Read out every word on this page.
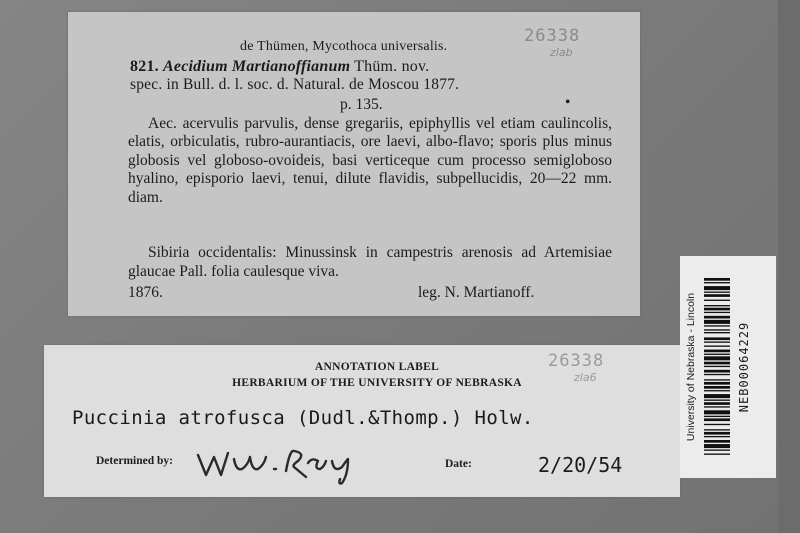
26338
zlab
de Thümen, Mycothoca universalis.
821. Aecidium Martianoffianum Thüm. nov.
spec. in Bull. d. l. soc. d. Natural. de Moscou 1877.
p. 135.	•

Aec. acervulis parvulis, dense gregariis, epiphyllis vel etiam caulincolis, elatis, orbiculatis, rubro-aurantiacis, ore laevi, albo-flavo; sporis plus minus globosis vel globoso-ovoideis, basi verticeque cum processo semigloboso hyalino, episporio laevi, tenui, dilute flavidis, subpellucidis, 20—22 mm. diam.

Sibiria occidentalis: Minussinsk in campestris arenosis ad Artemisiae glaucae Pall. folia caulesque viva.

1876.	leg. N. Martianoff.
26338
zla6
ANNOTATION LABEL
HERBARIUM OF THE UNIVERSITY OF NEBRASKA
Puccinia atrofusca (Dudl.&Thomp.) Holw.
Determined by:	Date:	2/20/54
University of Nebraska - Lincoln	NEB00064229
